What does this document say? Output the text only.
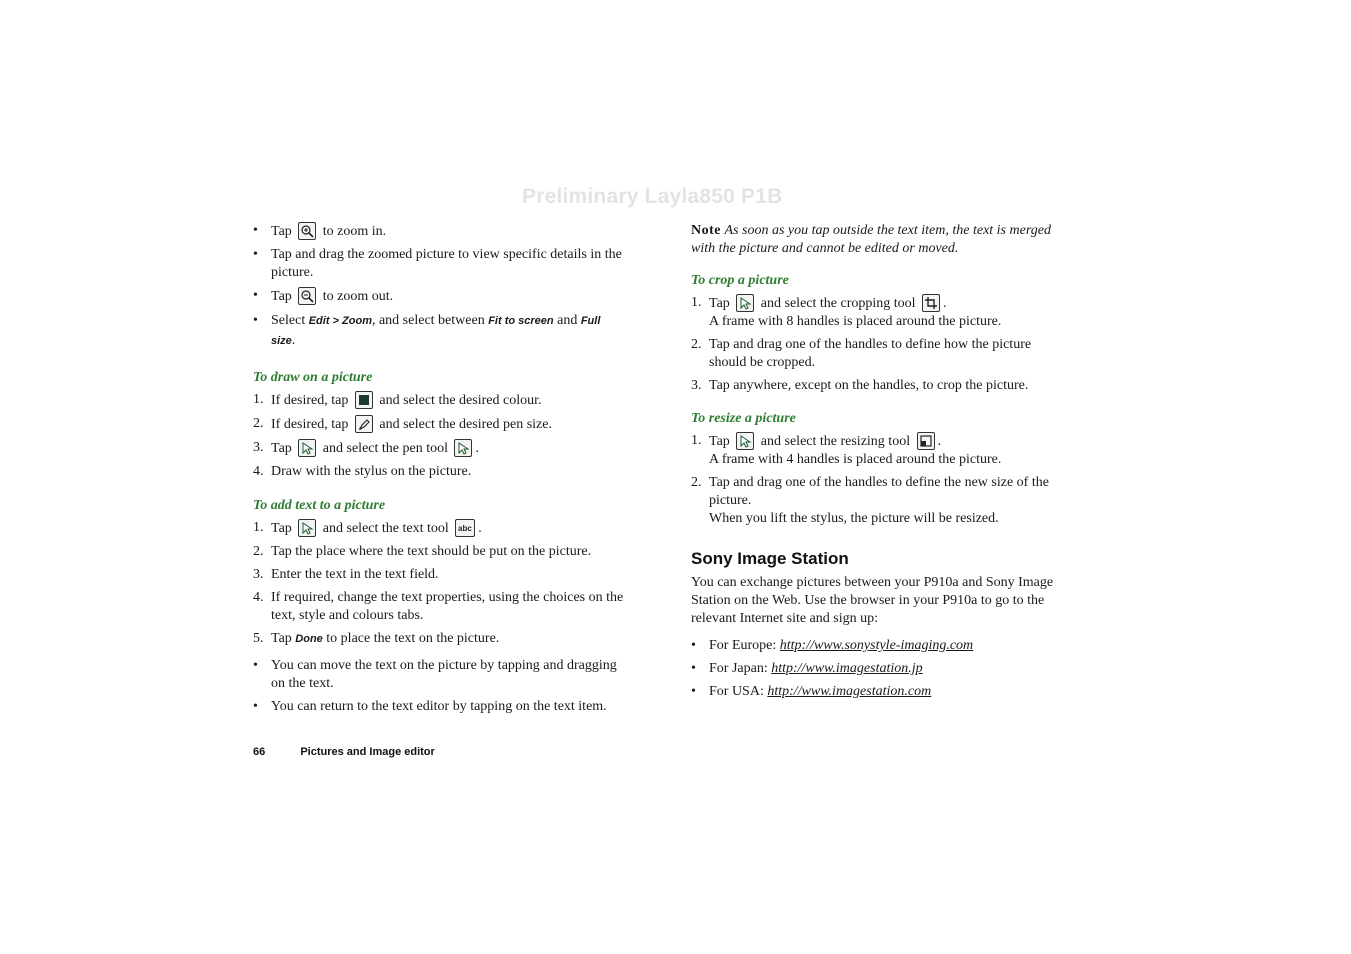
Preliminary Layla850 P1B
• Tap to zoom in.
• Tap and drag the zoomed picture to view specific details in the picture.
• Tap to zoom out.
• Select Edit > Zoom, and select between Fit to screen and Full size.
To draw on a picture
1. If desired, tap and select the desired colour.
2. If desired, tap and select the desired pen size.
3. Tap and select the pen tool .
4. Draw with the stylus on the picture.
To add text to a picture
1. Tap and select the text tool abc .
2. Tap the place where the text should be put on the picture.
3. Enter the text in the text field.
4. If required, change the text properties, using the choices on the text, style and colours tabs.
5. Tap Done to place the text on the picture.
• You can move the text on the picture by tapping and dragging on the text.
• You can return to the text editor by tapping on the text item.
Note As soon as you tap outside the text item, the text is merged with the picture and cannot be edited or moved.
To crop a picture
1. Tap and select the cropping tool .
A frame with 8 handles is placed around the picture.
2. Tap and drag one of the handles to define how the picture should be cropped.
3. Tap anywhere, except on the handles, to crop the picture.
To resize a picture
1. Tap and select the resizing tool .
A frame with 4 handles is placed around the picture.
2. Tap and drag one of the handles to define the new size of the picture.
When you lift the stylus, the picture will be resized.
Sony Image Station
You can exchange pictures between your P910a and Sony Image Station on the Web. Use the browser in your P910a to go to the relevant Internet site and sign up:
• For Europe: http://www.sonystyle-imaging.com
• For Japan: http://www.imagestation.jp
• For USA: http://www.imagestation.com
66	Pictures and Image editor
